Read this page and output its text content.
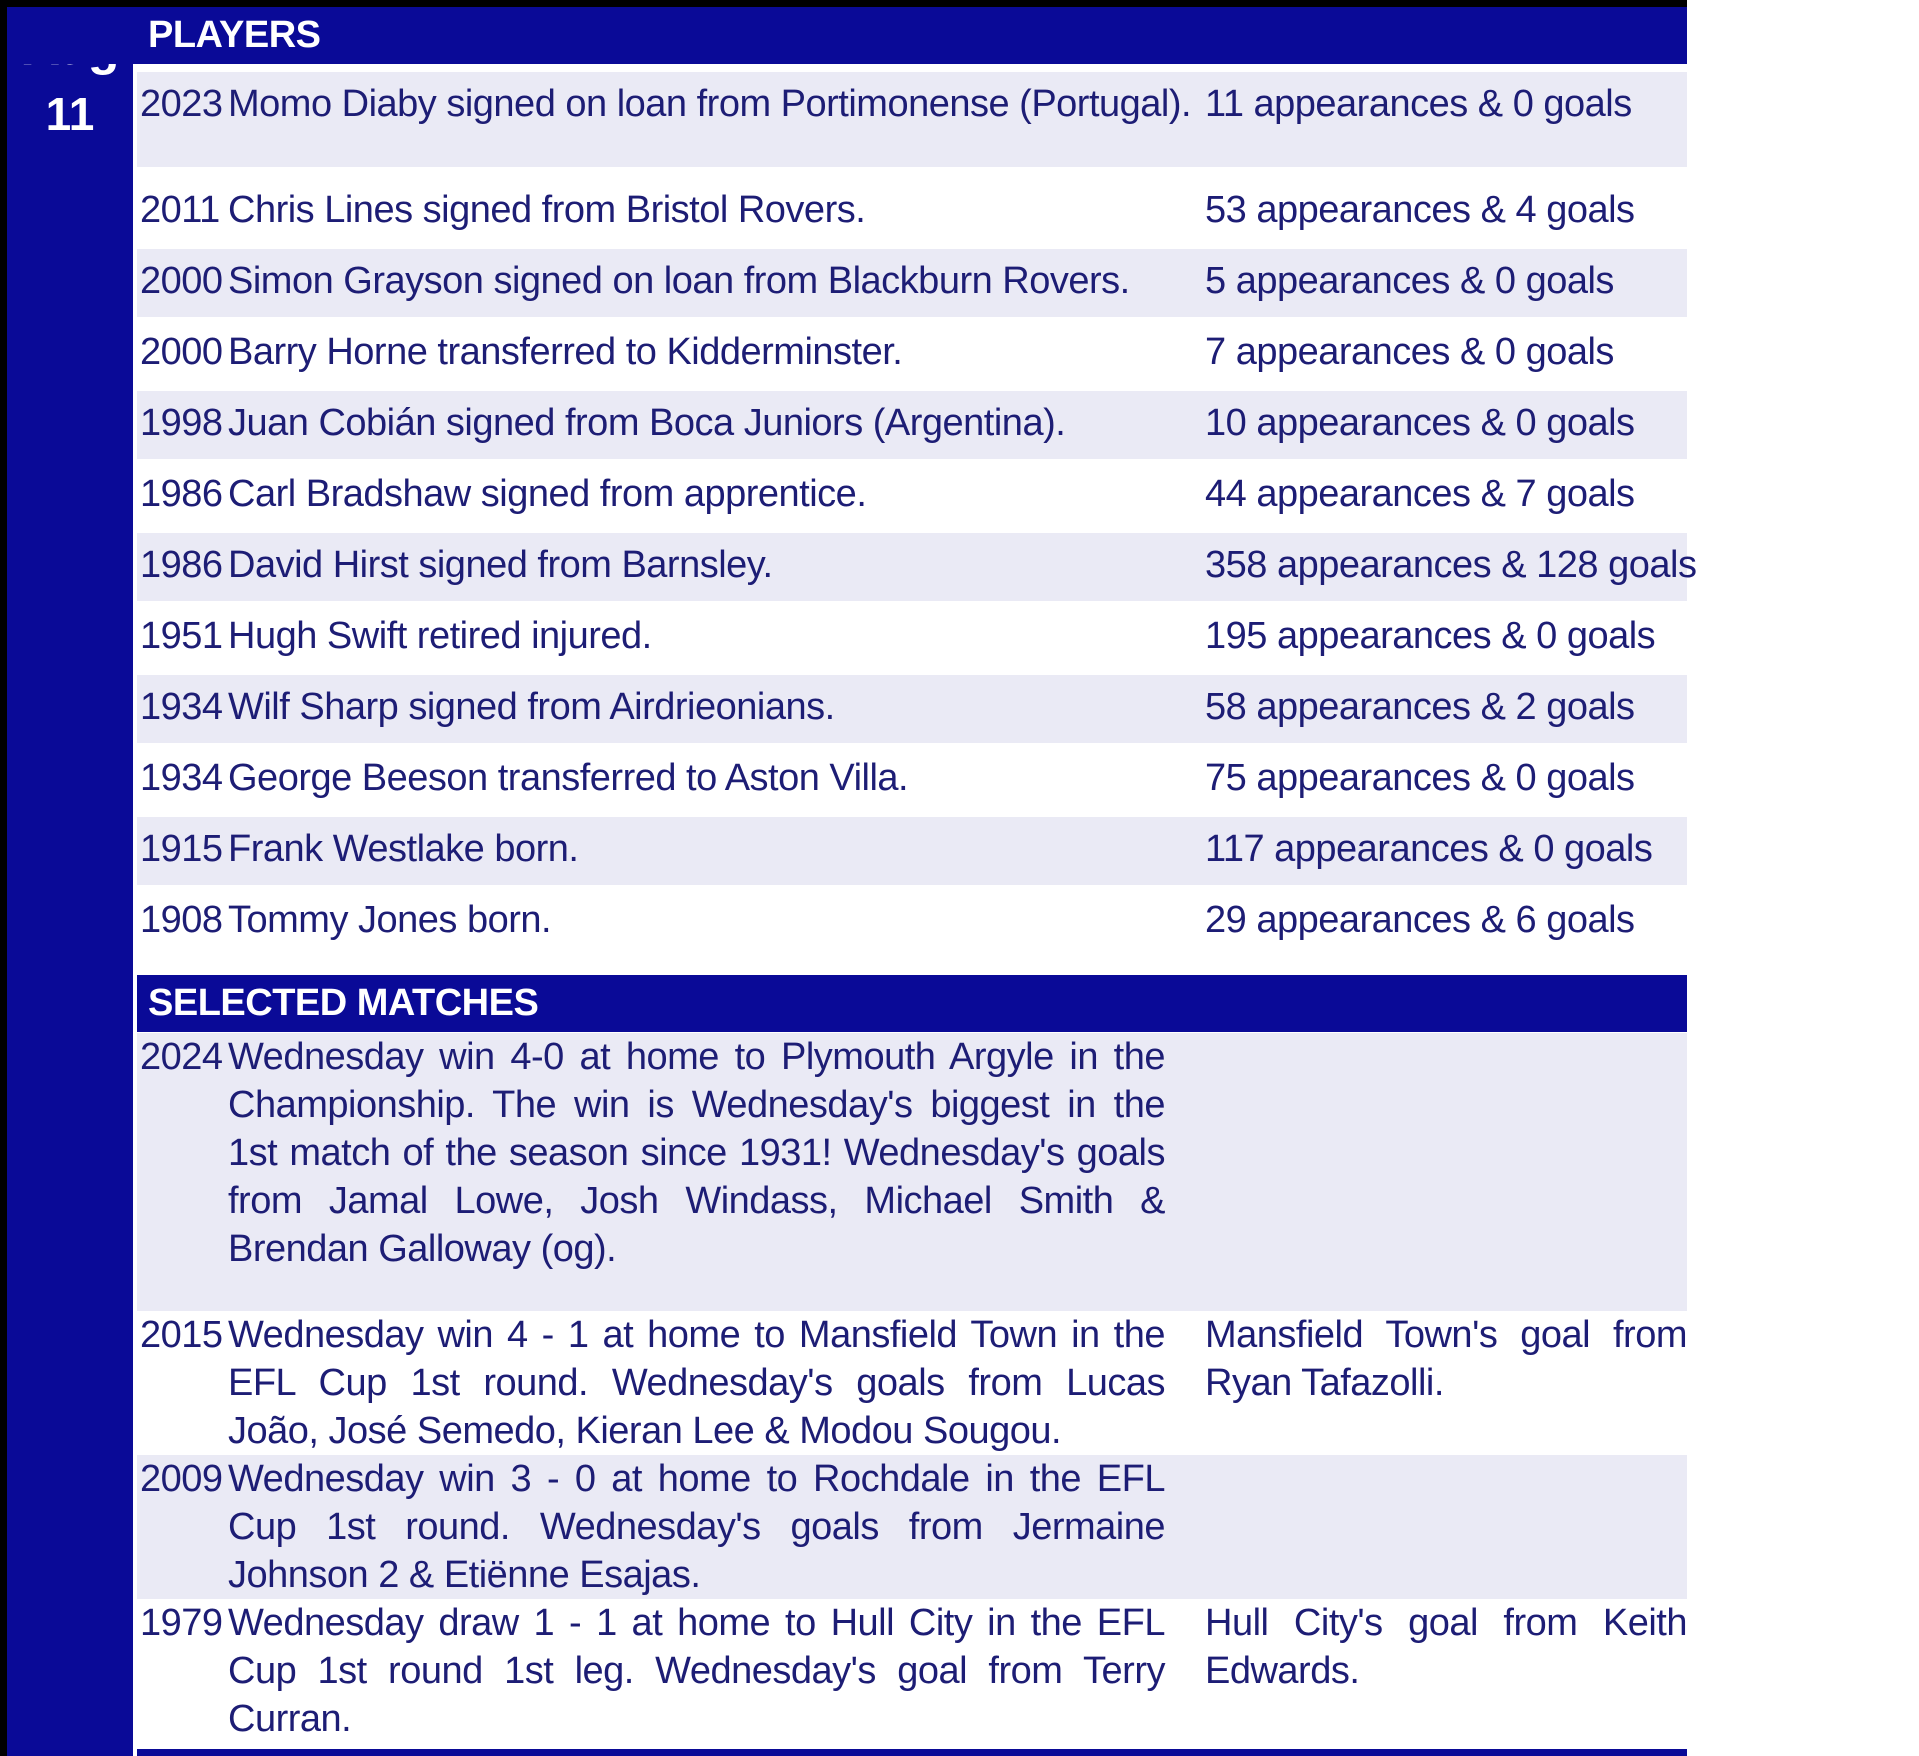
11
PLAYERS
2023 Momo Diaby signed on loan from Portimonense (Portugal). 11 appearances & 0 goals
2011 Chris Lines signed from Bristol Rovers.	53 appearances & 4 goals
2000 Simon Grayson signed on loan from Blackburn Rovers. 5 appearances & 0 goals
2000 Barry Horne transferred to Kidderminster.	7 appearances & 0 goals
1998 Juan Cobián signed from Boca Juniors (Argentina).	10 appearances & 0 goals
1986 Carl Bradshaw signed from apprentice.	44 appearances & 7 goals
1986 David Hirst signed from Barnsley.	358 appearances & 128 goals
1951 Hugh Swift retired injured.	195 appearances & 0 goals
1934 Wilf Sharp signed from Airdrieonians.	58 appearances & 2 goals
1934 George Beeson transferred to Aston Villa.	75 appearances & 0 goals
1915 Frank Westlake born.	117 appearances & 0 goals
1908 Tommy Jones born.	29 appearances & 6 goals
SELECTED MATCHES
2024 Wednesday win 4-0 at home to Plymouth Argyle in the Championship. The win is Wednesday's biggest in the 1st match of the season since 1931! Wednesday's goals from Jamal Lowe, Josh Windass, Michael Smith & Brendan Galloway (og).
2015 Wednesday win 4 - 1 at home to Mansfield Town in the EFL Cup 1st round. Wednesday's goals from Lucas João, José Semedo, Kieran Lee & Modou Sougou.
Mansfield Town's goal from Ryan Tafazolli.
2009 Wednesday win 3 - 0 at home to Rochdale in the EFL Cup 1st round. Wednesday's goals from Jermaine Johnson 2 & Etiënne Esajas.
1979 Wednesday draw 1 - 1 at home to Hull City in the EFL Cup 1st round 1st leg. Wednesday's goal from Terry Curran.
Hull City's goal from Keith Edwards.
